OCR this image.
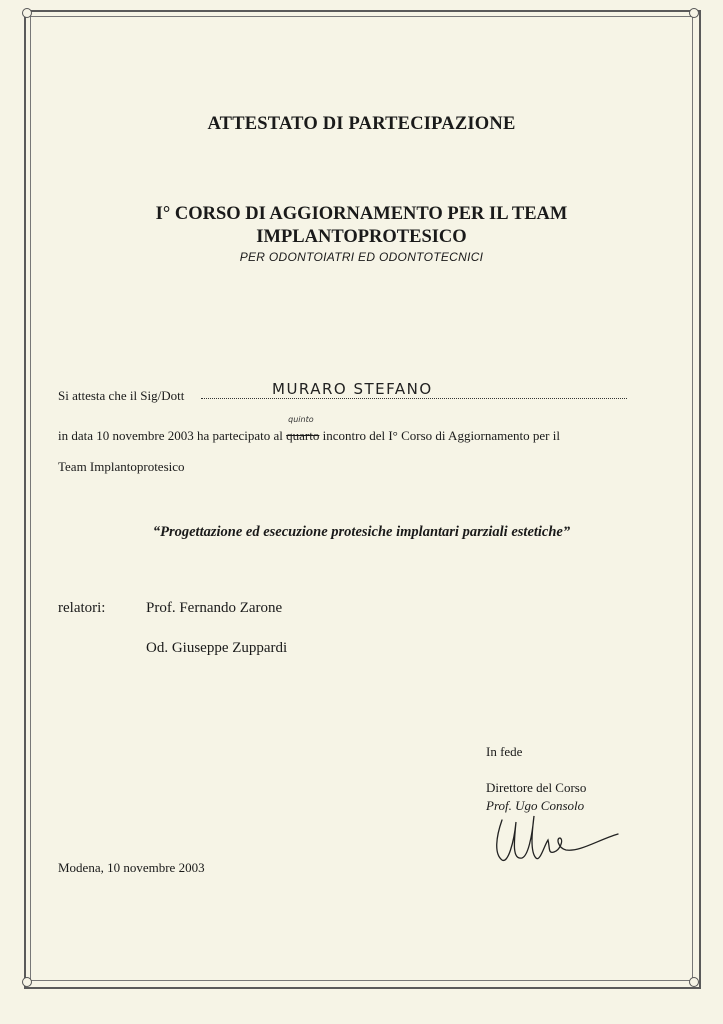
ATTESTATO DI PARTECIPAZIONE
I° CORSO DI AGGIORNAMENTO PER IL TEAM
IMPLANTOPROTESICO
PER ODONTOIATRI ED ODONTOTECNICI
Si attesta che il Sig/Dott	MURARO STEFANO
in data 10 novembre 2003 ha partecipato al quarto
quinto
incontro del I° Corso di Aggiornamento per il
Team Implantoprotesico
“Progettazione ed esecuzione protesiche implantari parziali estetiche”
relatori:	Prof. Fernando Zarone
Od. Giuseppe Zuppardi
In fede
Direttore del Corso
Prof. Ugo Consolo
Modena, 10 novembre 2003
